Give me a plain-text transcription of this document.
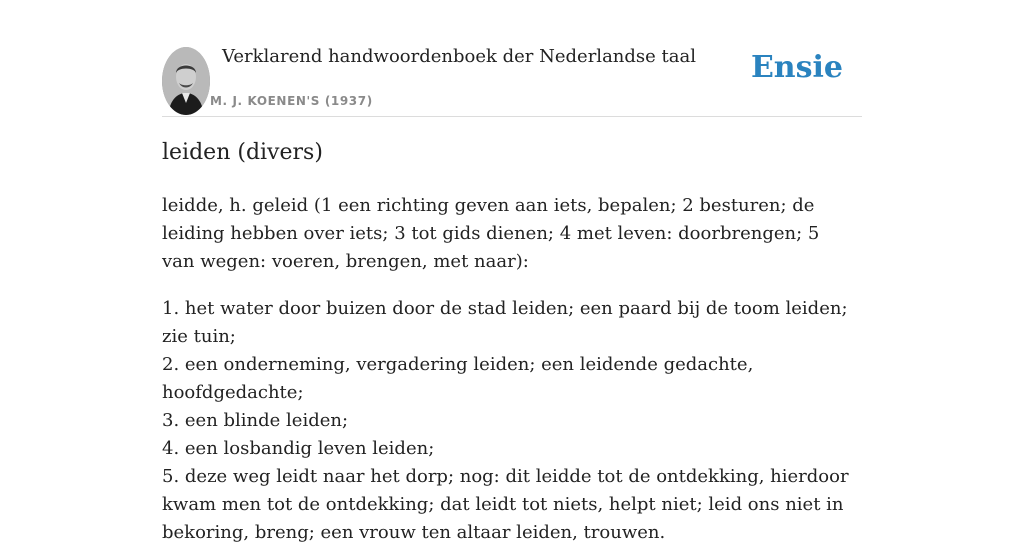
Verklarend handwoordenboek der Nederlandse taal
M. J. KOENEN'S (1937)
Ensie
leiden (divers)

leidde, h. geleid (1 een richting geven aan iets, bepalen; 2 besturen; de leiding hebben over iets; 3 tot gids dienen; 4 met leven: doorbrengen; 5 van wegen: voeren, brengen, met naar):

1. het water door buizen door de stad leiden; een paard bij de toom leiden; zie tuin;
2. een onderneming, vergadering leiden; een leidende gedachte, hoofdgedachte;
3. een blinde leiden;
4. een losbandig leven leiden;
5. deze weg leidt naar het dorp; nog: dit leidde tot de ontdekking, hierdoor kwam men tot de ontdekking; dat leidt tot niets, helpt niet; leid ons niet in bekoring, breng; een vrouw ten altaar leiden, trouwen.
